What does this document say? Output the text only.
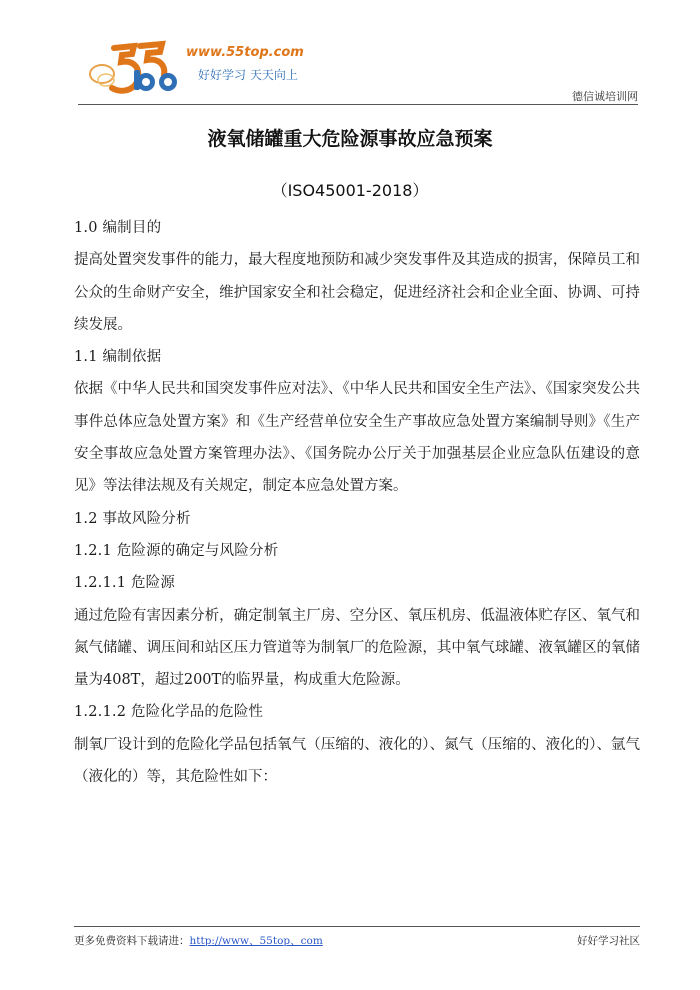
www.55top.com
好好学习 天天向上
德信诚培训网
液氧储罐重大危险源事故应急预案
（ISO45001-2018）

1.0 编制目的

提高处置突发事件的能力，最大程度地预防和减少突发事件及其造成的损害，保障员工和公众的生命财产安全，维护国家安全和社会稳定，促进经济社会和企业全面、协调、可持续发展。

1.1 编制依据

依据《中华人民共和国突发事件应对法》、《中华人民共和国安全生产法》、《国家突发公共事件总体应急处置方案》和《生产经营单位安全生产事故应急处置方案编制导则》《生产安全事故应急处置方案管理办法》、《国务院办公厅关于加强基层企业应急队伍建设的意见》等法律法规及有关规定，制定本应急处置方案。

1.2 事故风险分析

1.2.1 危险源的确定与风险分析

1.2.1.1 危险源

通过危险有害因素分析，确定制氧主厂房、空分区、氧压机房、低温液体贮存区、氧气和氮气储罐、调压间和站区压力管道等为制氧厂的危险源，其中氧气球罐、液氧罐区的氧储量为408T，超过200T的临界量，构成重大危险源。

1.2.1.2 危险化学品的危险性

制氧厂设计到的危险化学品包括氧气（压缩的、液化的）、氮气（压缩的、液化的）、氩气（液化的）等，其危险性如下：

更多免费资料下载请进：http://www、55top、com	好好学习社区
